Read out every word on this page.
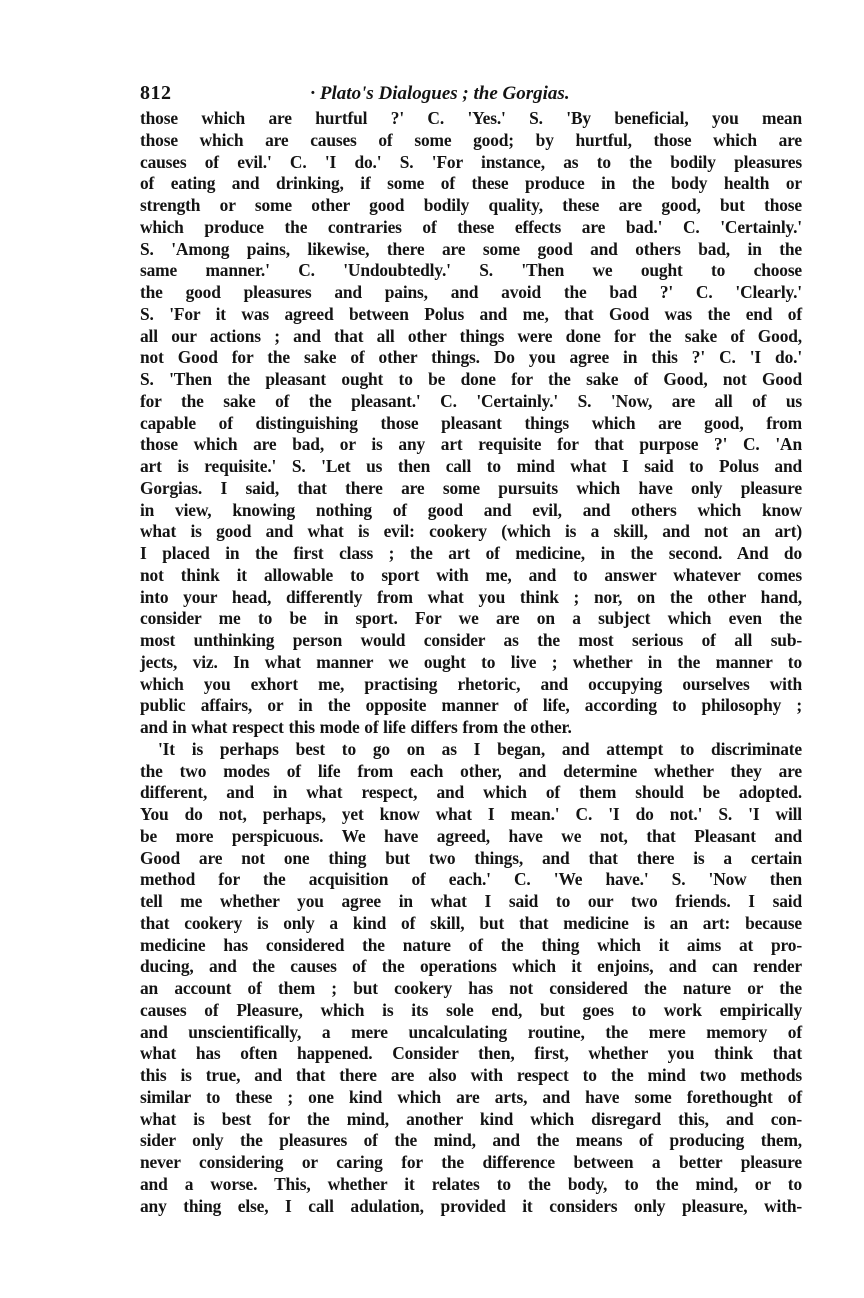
812	· Plato's Dialogues ; the Gorgias.
those which are hurtful ?' C. 'Yes.' S. 'By beneficial, you mean
those which are causes of some good; by hurtful, those which are
causes of evil.' C. 'I do.' S. 'For instance, as to the bodily pleasures
of eating and drinking, if some of these produce in the body health or
strength or some other good bodily quality, these are good, but those
which produce the contraries of these effects are bad.' C. 'Certainly.'
S. 'Among pains, likewise, there are some good and others bad, in the
same manner.' C. 'Undoubtedly.' S. 'Then we ought to choose
the good pleasures and pains, and avoid the bad ?' C. 'Clearly.'
S. 'For it was agreed between Polus and me, that Good was the end of
all our actions ; and that all other things were done for the sake of Good,
not Good for the sake of other things. Do you agree in this ?' C. 'I do.'
S. 'Then the pleasant ought to be done for the sake of Good, not Good
for the sake of the pleasant.' C. 'Certainly.' S. 'Now, are all of us
capable of distinguishing those pleasant things which are good, from
those which are bad, or is any art requisite for that purpose ?' C. 'An
art is requisite.' S. 'Let us then call to mind what I said to Polus and
Gorgias. I said, that there are some pursuits which have only pleasure
in view, knowing nothing of good and evil, and others which know
what is good and what is evil: cookery (which is a skill, and not an art)
I placed in the first class ; the art of medicine, in the second. And do
not think it allowable to sport with me, and to answer whatever comes
into your head, differently from what you think ; nor, on the other hand,
consider me to be in sport. For we are on a subject which even the
most unthinking person would consider as the most serious of all sub-
jects, viz. In what manner we ought to live ; whether in the manner to
which you exhort me, practising rhetoric, and occupying ourselves with
public affairs, or in the opposite manner of life, according to philosophy ;
and in what respect this mode of life differs from the other.
'It is perhaps best to go on as I began, and attempt to discriminate
the two modes of life from each other, and determine whether they are
different, and in what respect, and which of them should be adopted.
You do not, perhaps, yet know what I mean.' C. 'I do not.' S. 'I will
be more perspicuous. We have agreed, have we not, that Pleasant and
Good are not one thing but two things, and that there is a certain
method for the acquisition of each.' C. 'We have.' S. 'Now then
tell me whether you agree in what I said to our two friends. I said
that cookery is only a kind of skill, but that medicine is an art: because
medicine has considered the nature of the thing which it aims at pro-
ducing, and the causes of the operations which it enjoins, and can render
an account of them ; but cookery has not considered the nature or the
causes of Pleasure, which is its sole end, but goes to work empirically
and unscientifically, a mere uncalculating routine, the mere memory of
what has often happened. Consider then, first, whether you think that
this is true, and that there are also with respect to the mind two methods
similar to these ; one kind which are arts, and have some forethought of
what is best for the mind, another kind which disregard this, and con-
sider only the pleasures of the mind, and the means of producing them,
never considering or caring for the difference between a better pleasure
and a worse. This, whether it relates to the body, to the mind, or to
any thing else, I call adulation, provided it considers only pleasure, with-
